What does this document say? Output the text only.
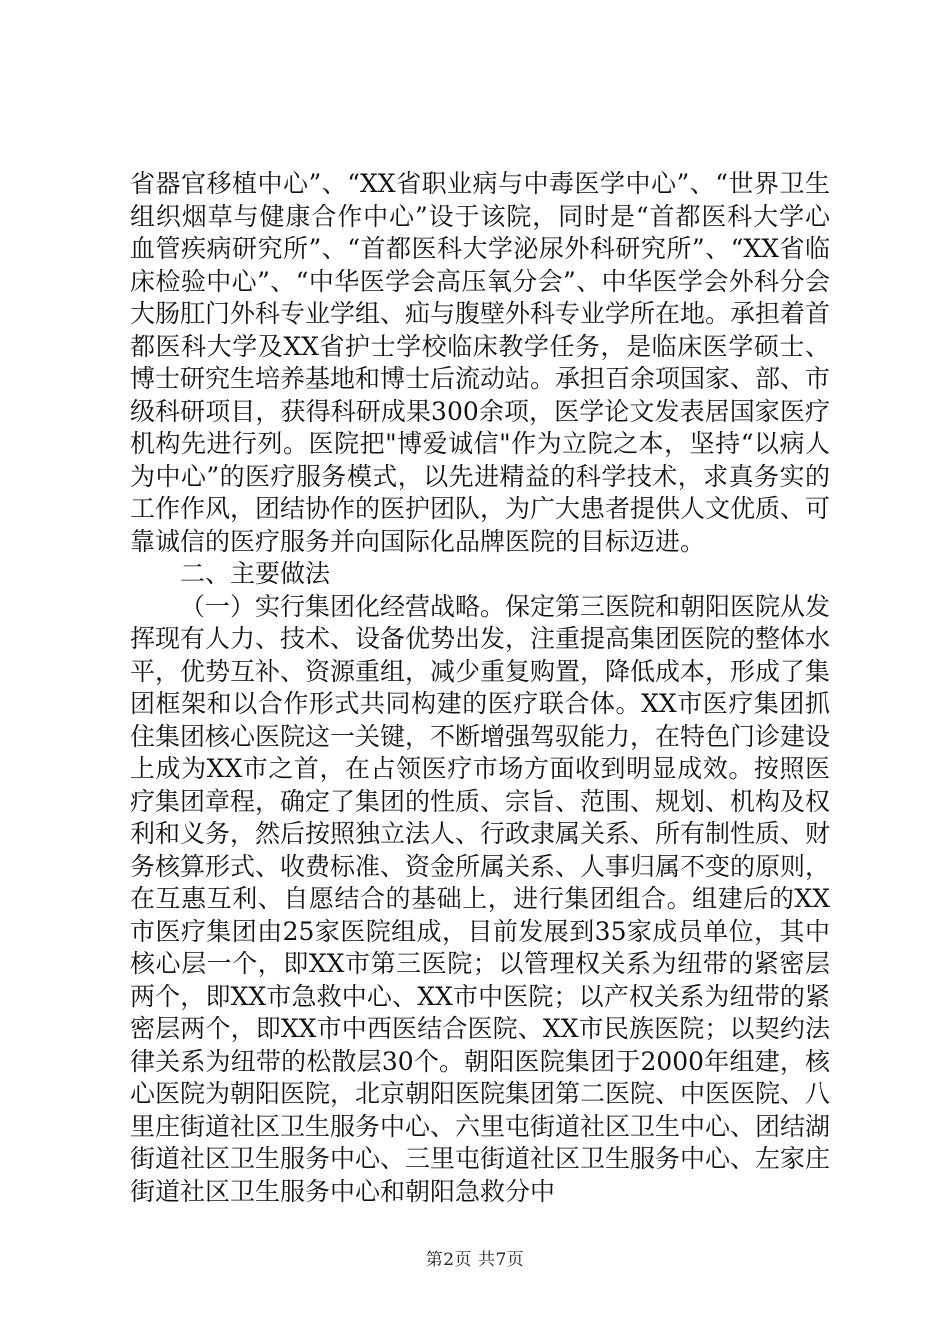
省器官移植中心”、“XX省职业病与中毒医学中心”、“世界卫生组织烟草与健康合作中心”设于该院，同时是“首都医科大学心血管疾病研究所”、“首都医科大学泌尿外科研究所”、“XX省临床检验中心”、“中华医学会高压氧分会”、中华医学会外科分会大肠肛门外科专业学组、疝与腹壁外科专业学所在地。承担着首都医科大学及XX省护士学校临床教学任务，是临床医学硕士、博士研究生培养基地和博士后流动站。承担百余项国家、部、市级科研项目，获得科研成果300余项，医学论文发表居国家医疗机构先进行列。医院把"博爱诚信"作为立院之本，坚持“以病人为中心”的医疗服务模式，以先进精益的科学技术，求真务实的工作作风，团结协作的医护团队，为广大患者提供人文优质、可靠诚信的医疗服务并向国际化品牌医院的目标迈进。

二、主要做法

（一）实行集团化经营战略。保定第三医院和朝阳医院从发挥现有人力、技术、设备优势出发，注重提高集团医院的整体水平，优势互补、资源重组，减少重复购置，降低成本，形成了集团框架和以合作形式共同构建的医疗联合体。XX市医疗集团抓住集团核心医院这一关键，不断增强驾驭能力，在特色门诊建设上成为XX市之首，在占领医疗市场方面收到明显成效。按照医疗集团章程，确定了集团的性质、宗旨、范围、规划、机构及权利和义务，然后按照独立法人、行政隶属关系、所有制性质、财务核算形式、收费标准、资金所属关系、人事归属不变的原则，在互惠互利、自愿结合的基础上，进行集团组合。组建后的XX市医疗集团由25家医院组成，目前发展到35家成员单位，其中核心层一个，即XX市第三医院；以管理权关系为纽带的紧密层两个，即XX市急救中心、XX市中医院；以产权关系为纽带的紧密层两个，即XX市中西医结合医院、XX市民族医院；以契约法律关系为纽带的松散层30个。朝阳医院集团于2000年组建，核心医院为朝阳医院，北京朝阳医院集团第二医院、中医医院、八里庄街道社区卫生服务中心、六里屯街道社区卫生中心、团结湖街道社区卫生服务中心、三里屯街道社区卫生服务中心、左家庄街道社区卫生服务中心和朝阳急救分中

第2页 共7页
